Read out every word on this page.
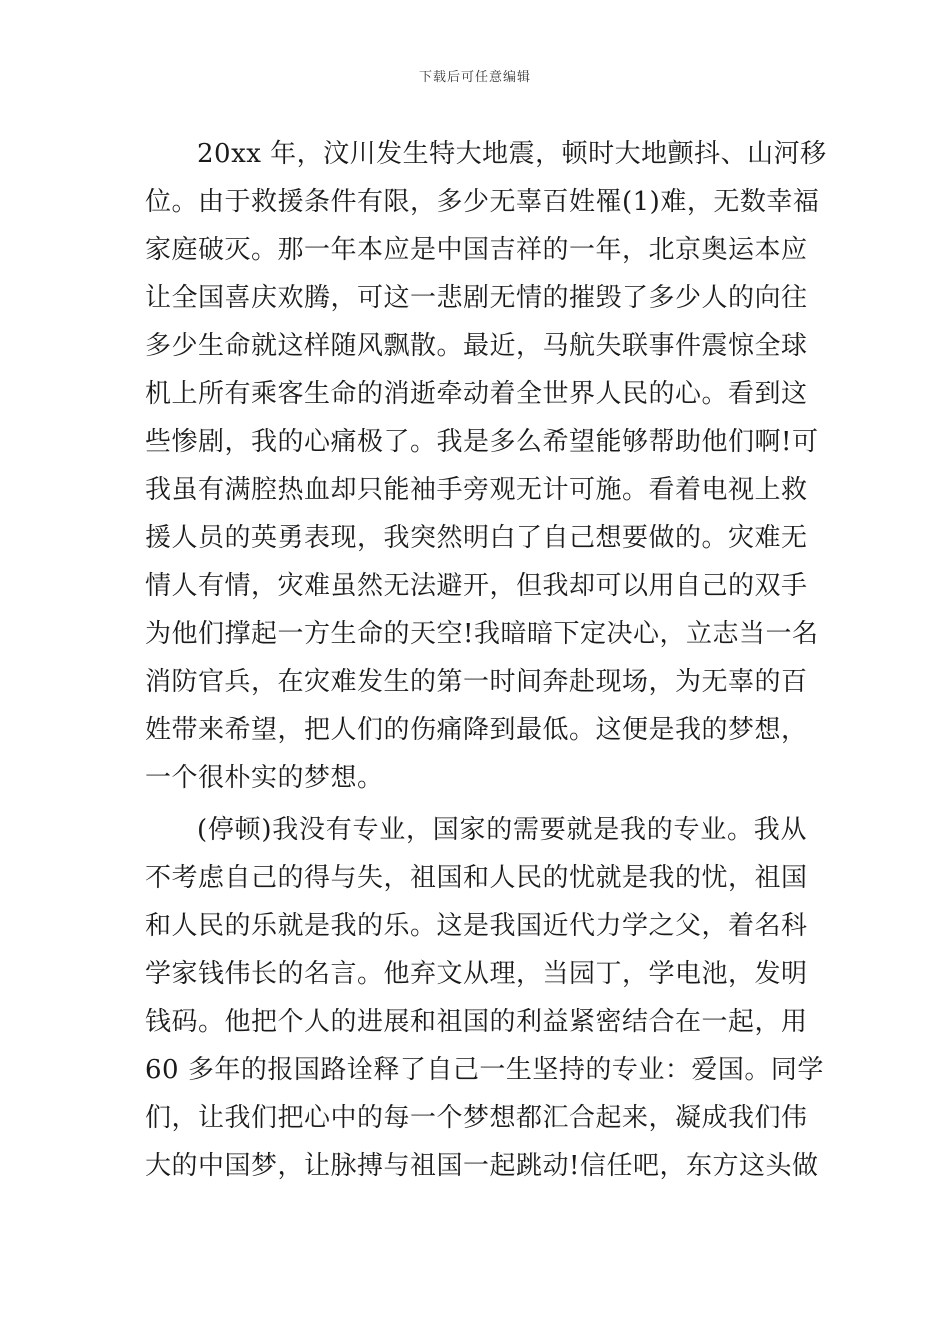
下载后可任意编辑
20xx 年，汶川发生特大地震，顿时大地颤抖、山河移
位。由于救援条件有限，多少无辜百姓罹(1)难，无数幸福
家庭破灭。那一年本应是中国吉祥的一年，北京奥运本应
让全国喜庆欢腾，可这一悲剧无情的摧毁了多少人的向往
多少生命就这样随风飘散。最近，马航失联事件震惊全球
机上所有乘客生命的消逝牵动着全世界人民的心。看到这
些惨剧，我的心痛极了。我是多么希望能够帮助他们啊!可
我虽有满腔热血却只能袖手旁观无计可施。看着电视上救
援人员的英勇表现，我突然明白了自己想要做的。灾难无
情人有情，灾难虽然无法避开，但我却可以用自己的双手
为他们撑起一方生命的天空!我暗暗下定决心，立志当一名
消防官兵，在灾难发生的第一时间奔赴现场，为无辜的百
姓带来希望，把人们的伤痛降到最低。这便是我的梦想，
一个很朴实的梦想。
(停顿)我没有专业，国家的需要就是我的专业。我从
不考虑自己的得与失，祖国和人民的忧就是我的忧，祖国
和人民的乐就是我的乐。这是我国近代力学之父，着名科
学家钱伟长的名言。他弃文从理，当园丁，学电池，发明
钱码。他把个人的进展和祖国的利益紧密结合在一起，用
60 多年的报国路诠释了自己一生坚持的专业：爱国。同学
们，让我们把心中的每一个梦想都汇合起来，凝成我们伟
大的中国梦，让脉搏与祖国一起跳动!信任吧，东方这头做
